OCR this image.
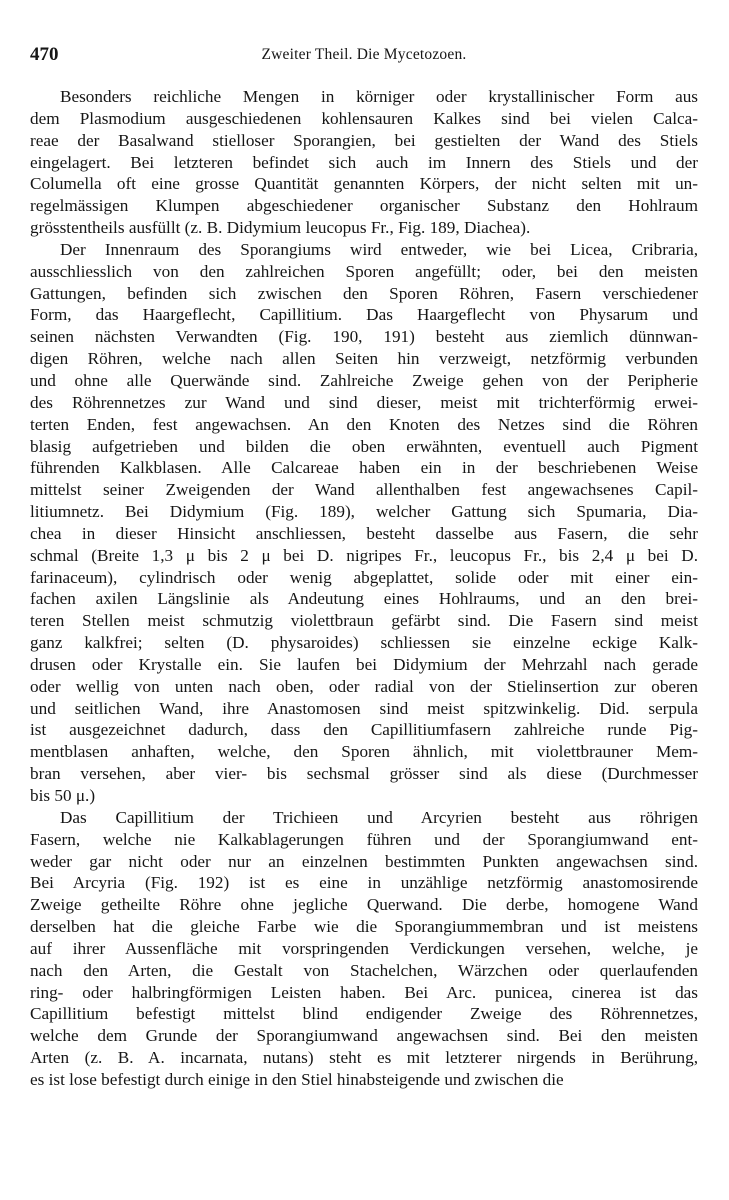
470	Zweiter Theil. Die Mycetozoen.
Besonders reichliche Mengen in körniger oder krystallinischer Form aus
dem Plasmodium ausgeschiedenen kohlensauren Kalkes sind bei vielen Calca-
reae der Basalwand stielloser Sporangien, bei gestielten der Wand des Stiels
eingelagert. Bei letzteren befindet sich auch im Innern des Stiels und der
Columella oft eine grosse Quantität genannten Körpers, der nicht selten mit un-
regelmässigen Klumpen abgeschiedener organischer Substanz den Hohlraum
grösstentheils ausfüllt (z. B. Didymium leucopus Fr., Fig. 189, Diachea).
Der Innenraum des Sporangiums wird entweder, wie bei Licea, Cribraria,
ausschliesslich von den zahlreichen Sporen angefüllt; oder, bei den meisten
Gattungen, befinden sich zwischen den Sporen Röhren, Fasern verschiedener
Form, das Haargeflecht, Capillitium. Das Haargeflecht von Physarum und
seinen nächsten Verwandten (Fig. 190, 191) besteht aus ziemlich dünnwan-
digen Röhren, welche nach allen Seiten hin verzweigt, netzförmig verbunden
und ohne alle Querwände sind. Zahlreiche Zweige gehen von der Peripherie
des Röhrennetzes zur Wand und sind dieser, meist mit trichterförmig erwei-
terten Enden, fest angewachsen. An den Knoten des Netzes sind die Röhren
blasig aufgetrieben und bilden die oben erwähnten, eventuell auch Pigment
führenden Kalkblasen. Alle Calcareae haben ein in der beschriebenen Weise
mittelst seiner Zweigenden der Wand allenthalben fest angewachsenes Capil-
litiumnetz. Bei Didymium (Fig. 189), welcher Gattung sich Spumaria, Dia-
chea in dieser Hinsicht anschliessen, besteht dasselbe aus Fasern, die sehr
schmal (Breite 1,3 μ bis 2 μ bei D. nigripes Fr., leucopus Fr., bis 2,4 μ bei D.
farinaceum), cylindrisch oder wenig abgeplattet, solide oder mit einer ein-
fachen axilen Längslinie als Andeutung eines Hohlraums, und an den brei-
teren Stellen meist schmutzig violettbraun gefärbt sind. Die Fasern sind meist
ganz kalkfrei; selten (D. physaroides) schliessen sie einzelne eckige Kalk-
drusen oder Krystalle ein. Sie laufen bei Didymium der Mehrzahl nach gerade
oder wellig von unten nach oben, oder radial von der Stielinsertion zur oberen
und seitlichen Wand, ihre Anastomosen sind meist spitzwinkelig. Did. serpula
ist ausgezeichnet dadurch, dass den Capillitiumfasern zahlreiche runde Pig-
mentblasen anhaften, welche, den Sporen ähnlich, mit violettbrauner Mem-
bran versehen, aber vier- bis sechsmal grösser sind als diese (Durchmesser
bis 50 μ.)
Das Capillitium der Trichieen und Arcyrien besteht aus röhrigen
Fasern, welche nie Kalkablagerungen führen und der Sporangiumwand ent-
weder gar nicht oder nur an einzelnen bestimmten Punkten angewachsen sind.
Bei Arcyria (Fig. 192) ist es eine in unzählige netzförmig anastomosirende
Zweige getheilte Röhre ohne jegliche Querwand. Die derbe, homogene Wand
derselben hat die gleiche Farbe wie die Sporangiummembran und ist meistens
auf ihrer Aussenfläche mit vorspringenden Verdickungen versehen, welche, je
nach den Arten, die Gestalt von Stachelchen, Wärzchen oder querlaufenden
ring- oder halbringförmigen Leisten haben. Bei Arc. punicea, cinerea ist das
Capillitium befestigt mittelst blind endigender Zweige des Röhrennetzes,
welche dem Grunde der Sporangiumwand angewachsen sind. Bei den meisten
Arten (z. B. A. incarnata, nutans) steht es mit letzterer nirgends in Berührung,
es ist lose befestigt durch einige in den Stiel hinabsteigende und zwischen die
